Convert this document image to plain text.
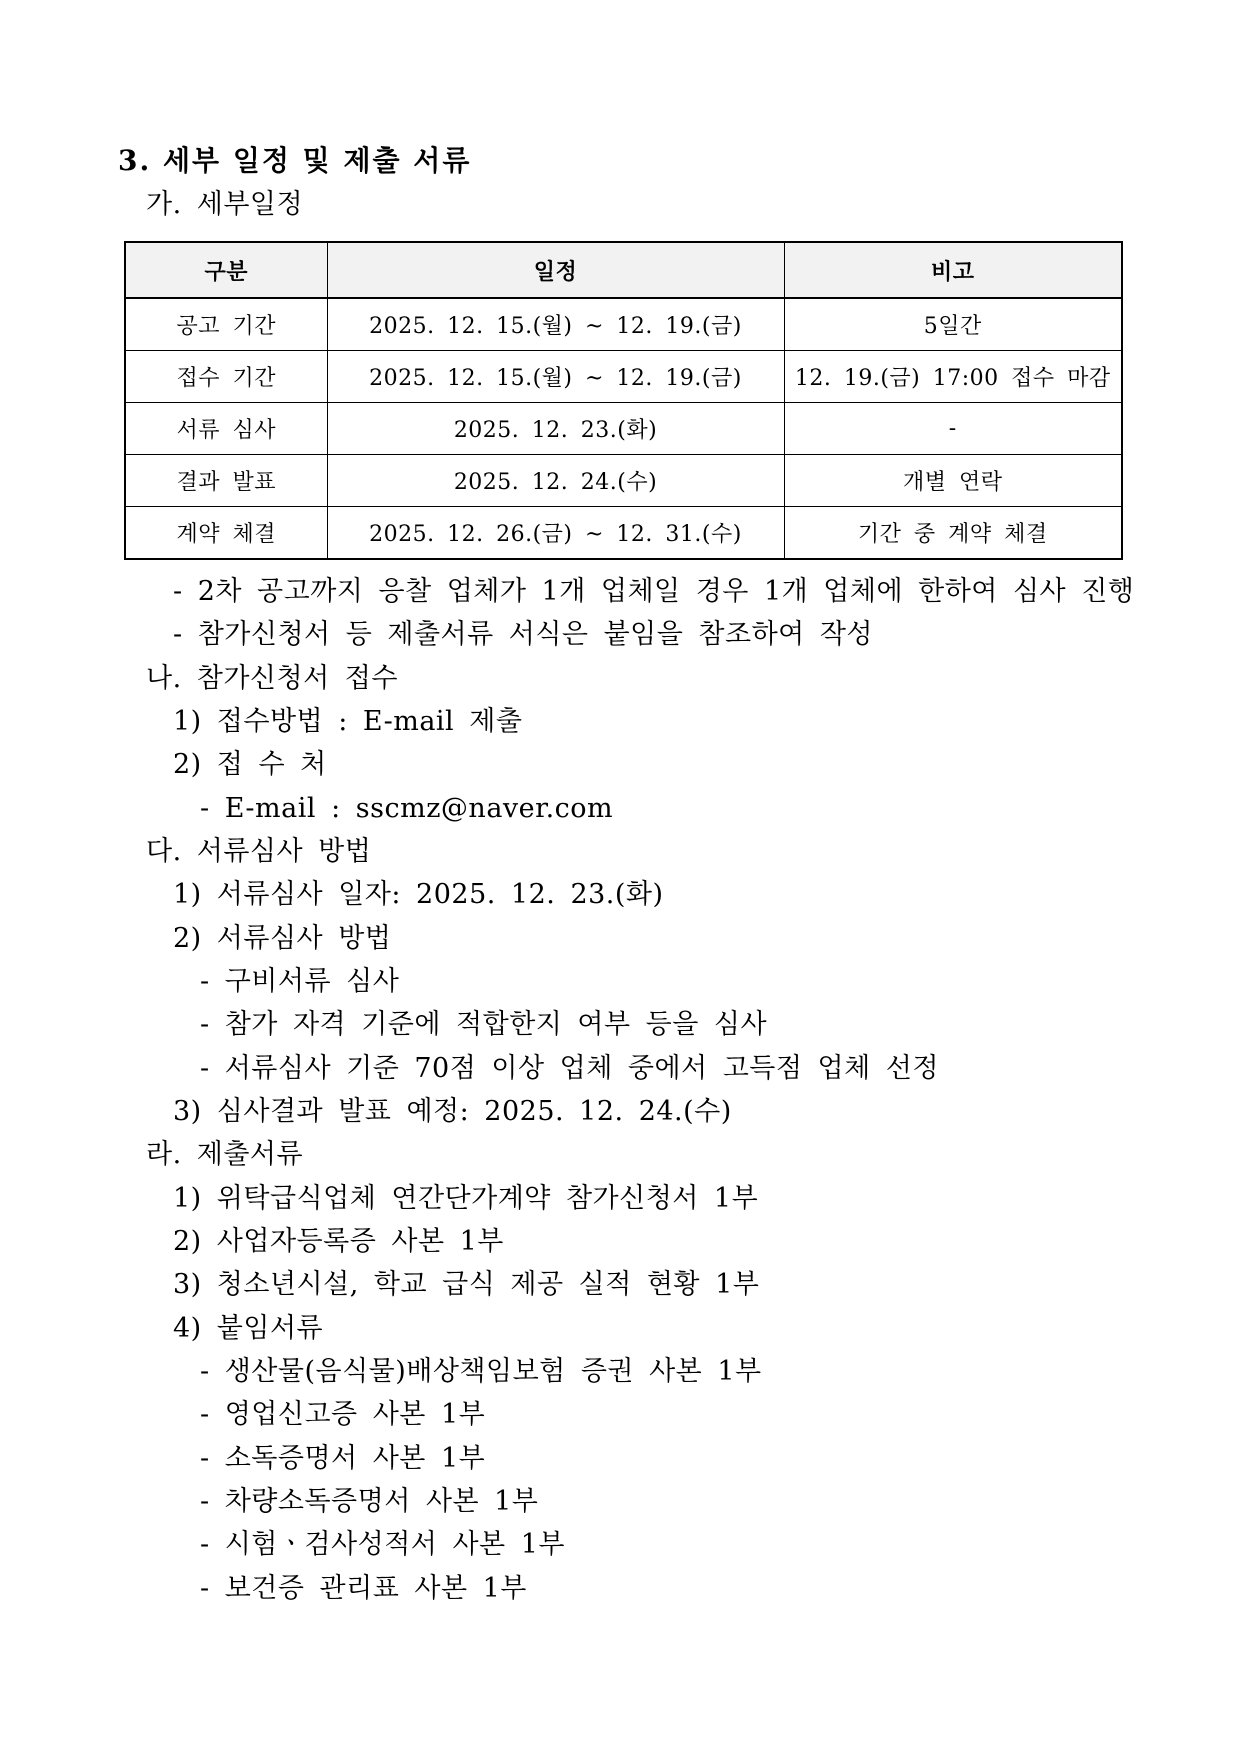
3. 세부 일정 및 제출 서류
가. 세부일정
구분	일정	비고
공고 기간	2025. 12. 15.(월) ~ 12. 19.(금)	5일간
접수 기간	2025. 12. 15.(월) ~ 12. 19.(금)	12. 19.(금) 17:00 접수 마감
서류 심사	2025. 12. 23.(화)	-
결과 발표	2025. 12. 24.(수)	개별 연락
계약 체결	2025. 12. 26.(금) ~ 12. 31.(수)	기간 중 계약 체결
- 2차 공고까지 응찰 업체가 1개 업체일 경우 1개 업체에 한하여 심사 진행
- 참가신청서 등 제출서류 서식은 붙임을 참조하여 작성
나. 참가신청서 접수
1) 접수방법 : E-mail 제출
2) 접 수 처
- E-mail : sscmz@naver.com
다. 서류심사 방법
1) 서류심사 일자: 2025. 12. 23.(화)
2) 서류심사 방법
- 구비서류 심사
- 참가 자격 기준에 적합한지 여부 등을 심사
- 서류심사 기준 70점 이상 업체 중에서 고득점 업체 선정
3) 심사결과 발표 예정: 2025. 12. 24.(수)
라. 제출서류
1) 위탁급식업체 연간단가계약 참가신청서 1부
2) 사업자등록증 사본 1부
3) 청소년시설, 학교 급식 제공 실적 현황 1부
4) 붙임서류
- 생산물(음식물)배상책임보험 증권 사본 1부
- 영업신고증 사본 1부
- 소독증명서 사본 1부
- 차량소독증명서 사본 1부
- 시험ㆍ검사성적서 사본 1부
- 보건증 관리표 사본 1부
